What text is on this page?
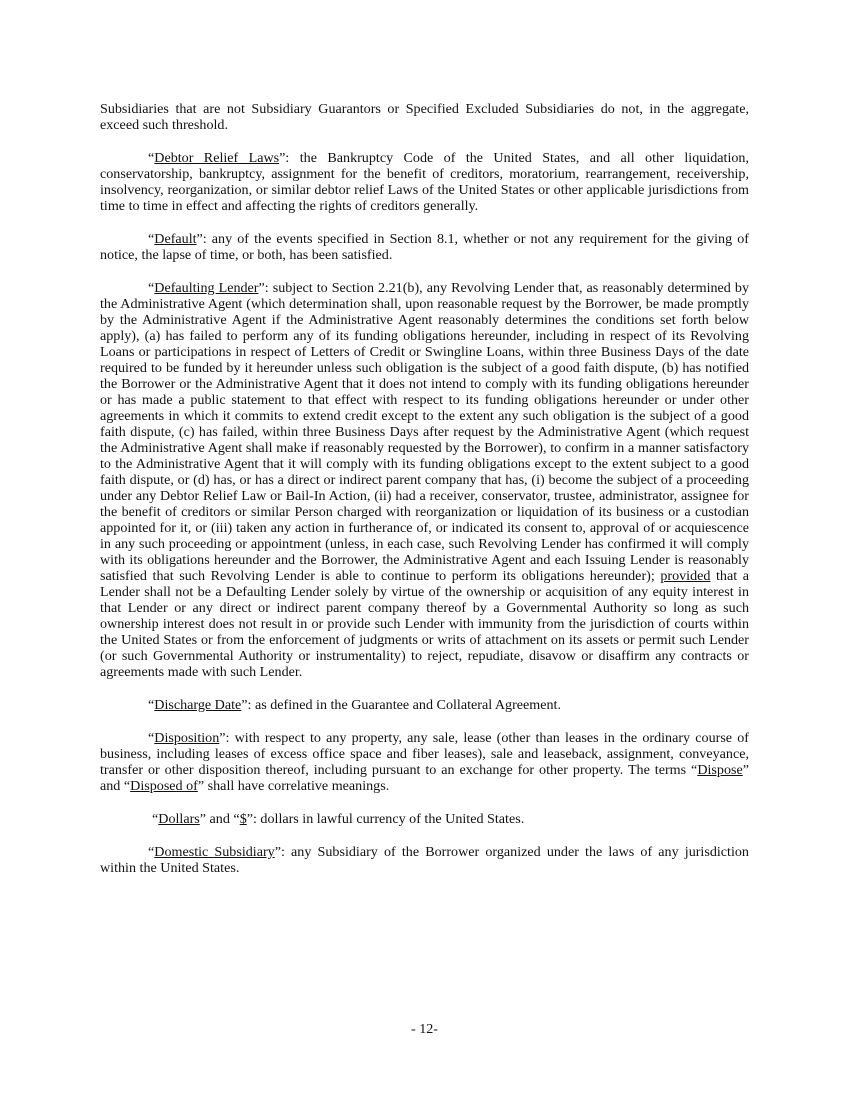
Subsidiaries that are not Subsidiary Guarantors or Specified Excluded Subsidiaries do not, in the aggregate, exceed such threshold.

“Debtor Relief Laws”: the Bankruptcy Code of the United States, and all other liquidation, conservatorship, bankruptcy, assignment for the benefit of creditors, moratorium, rearrangement, receivership, insolvency, reorganization, or similar debtor relief Laws of the United States or other applicable jurisdictions from time to time in effect and affecting the rights of creditors generally.

“Default”: any of the events specified in Section 8.1, whether or not any requirement for the giving of notice, the lapse of time, or both, has been satisfied.

“Defaulting Lender”: subject to Section 2.21(b), any Revolving Lender that, as reasonably determined by the Administrative Agent (which determination shall, upon reasonable request by the Borrower, be made promptly by the Administrative Agent if the Administrative Agent reasonably determines the conditions set forth below apply), (a) has failed to perform any of its funding obligations hereunder, including in respect of its Revolving Loans or participations in respect of Letters of Credit or Swingline Loans, within three Business Days of the date required to be funded by it hereunder unless such obligation is the subject of a good faith dispute, (b) has notified the Borrower or the Administrative Agent that it does not intend to comply with its funding obligations hereunder or has made a public statement to that effect with respect to its funding obligations hereunder or under other agreements in which it commits to extend credit except to the extent any such obligation is the subject of a good faith dispute, (c) has failed, within three Business Days after request by the Administrative Agent (which request the Administrative Agent shall make if reasonably requested by the Borrower), to confirm in a manner satisfactory to the Administrative Agent that it will comply with its funding obligations except to the extent subject to a good faith dispute, or (d) has, or has a direct or indirect parent company that has, (i) become the subject of a proceeding under any Debtor Relief Law or Bail-In Action, (ii) had a receiver, conservator, trustee, administrator, assignee for the benefit of creditors or similar Person charged with reorganization or liquidation of its business or a custodian appointed for it, or (iii) taken any action in furtherance of, or indicated its consent to, approval of or acquiescence in any such proceeding or appointment (unless, in each case, such Revolving Lender has confirmed it will comply with its obligations hereunder and the Borrower, the Administrative Agent and each Issuing Lender is reasonably satisfied that such Revolving Lender is able to continue to perform its obligations hereunder); provided that a Lender shall not be a Defaulting Lender solely by virtue of the ownership or acquisition of any equity interest in that Lender or any direct or indirect parent company thereof by a Governmental Authority so long as such ownership interest does not result in or provide such Lender with immunity from the jurisdiction of courts within the United States or from the enforcement of judgments or writs of attachment on its assets or permit such Lender (or such Governmental Authority or instrumentality) to reject, repudiate, disavow or disaffirm any contracts or agreements made with such Lender.

“Discharge Date”: as defined in the Guarantee and Collateral Agreement.

“Disposition”: with respect to any property, any sale, lease (other than leases in the ordinary course of business, including leases of excess office space and fiber leases), sale and leaseback, assignment, conveyance, transfer or other disposition thereof, including pursuant to an exchange for other property. The terms “Dispose” and “Disposed of” shall have correlative meanings.

“Dollars” and “$”: dollars in lawful currency of the United States.

“Domestic Subsidiary”: any Subsidiary of the Borrower organized under the laws of any jurisdiction within the United States.

- 12-
